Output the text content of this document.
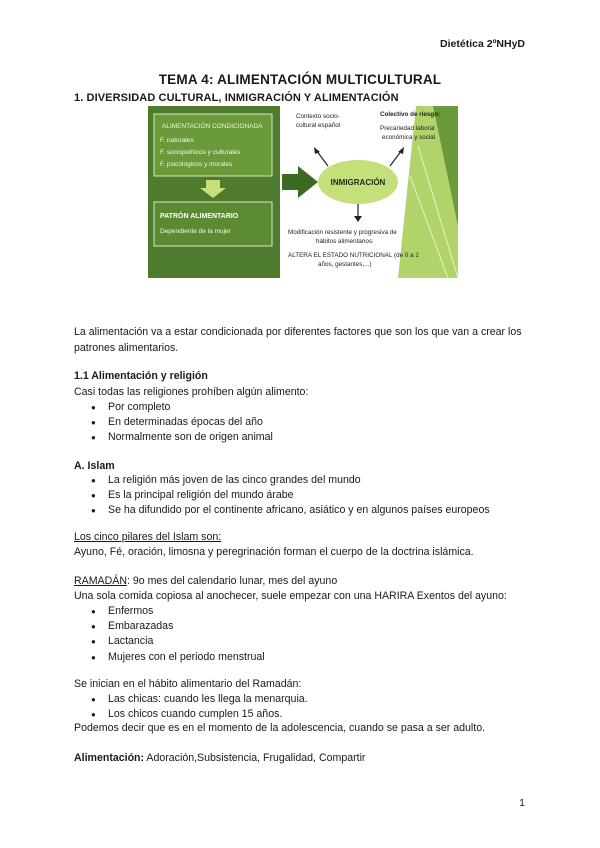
Dietética 2ºNHyD
TEMA 4: ALIMENTACIÓN MULTICULTURAL
1. DIVERSIDAD CULTURAL, INMIGRACIÓN Y ALIMENTACIÓN
ALIMENTACIÓN CONDICIONADA
F. naturales
F. sociopolíticos y culturales
F. psicológicos y morales
PATRÓN ALIMENTARIO
Dependiente de la mujer
Contexto socio-
cultural español
Colectivo de riesgo:
Precariedad laboral
económica y social
INMIGRACIÓN
Modificación resistente y progresiva de
hábitos alimentarios:
ALTERA EL ESTADO NUTRICIONAL (de 0 a 2
años, gestantes,...)
La alimentación va a estar condicionada por diferentes factores que son los que van a crear los patrones alimentarios.
1.1 Alimentación y religión
Casi todas las religiones prohíben algún alimento:
● Por completo
● En determinadas épocas del año
● Normalmente son de origen animal
A. Islam
● La religión más joven de las cinco grandes del mundo
● Es la principal religión del mundo árabe
● Se ha difundido por el continente africano, asiático y en algunos países europeos
Los cinco pilares del Islam son:
Ayuno, Fé, oración, limosna y peregrinación forman el cuerpo de la doctrina islámica.
RAMADÁN: 9o mes del calendario lunar, mes del ayuno
Una sola comida copiosa al anochecer, suele empezar con una HARIRA Exentos del ayuno:
● Enfermos
● Embarazadas
● Lactancia
● Mujeres con el periodo menstrual
Se inician en el hábito alimentario del Ramadán:
● Las chicas: cuando les llega la menarquia.
● Los chicos cuando cumplen 15 años.
Podemos decir que es en el momento de la adolescencia, cuando se pasa a ser adulto.
Alimentación: Adoración,Subsistencia, Frugalidad, Compartir
1
